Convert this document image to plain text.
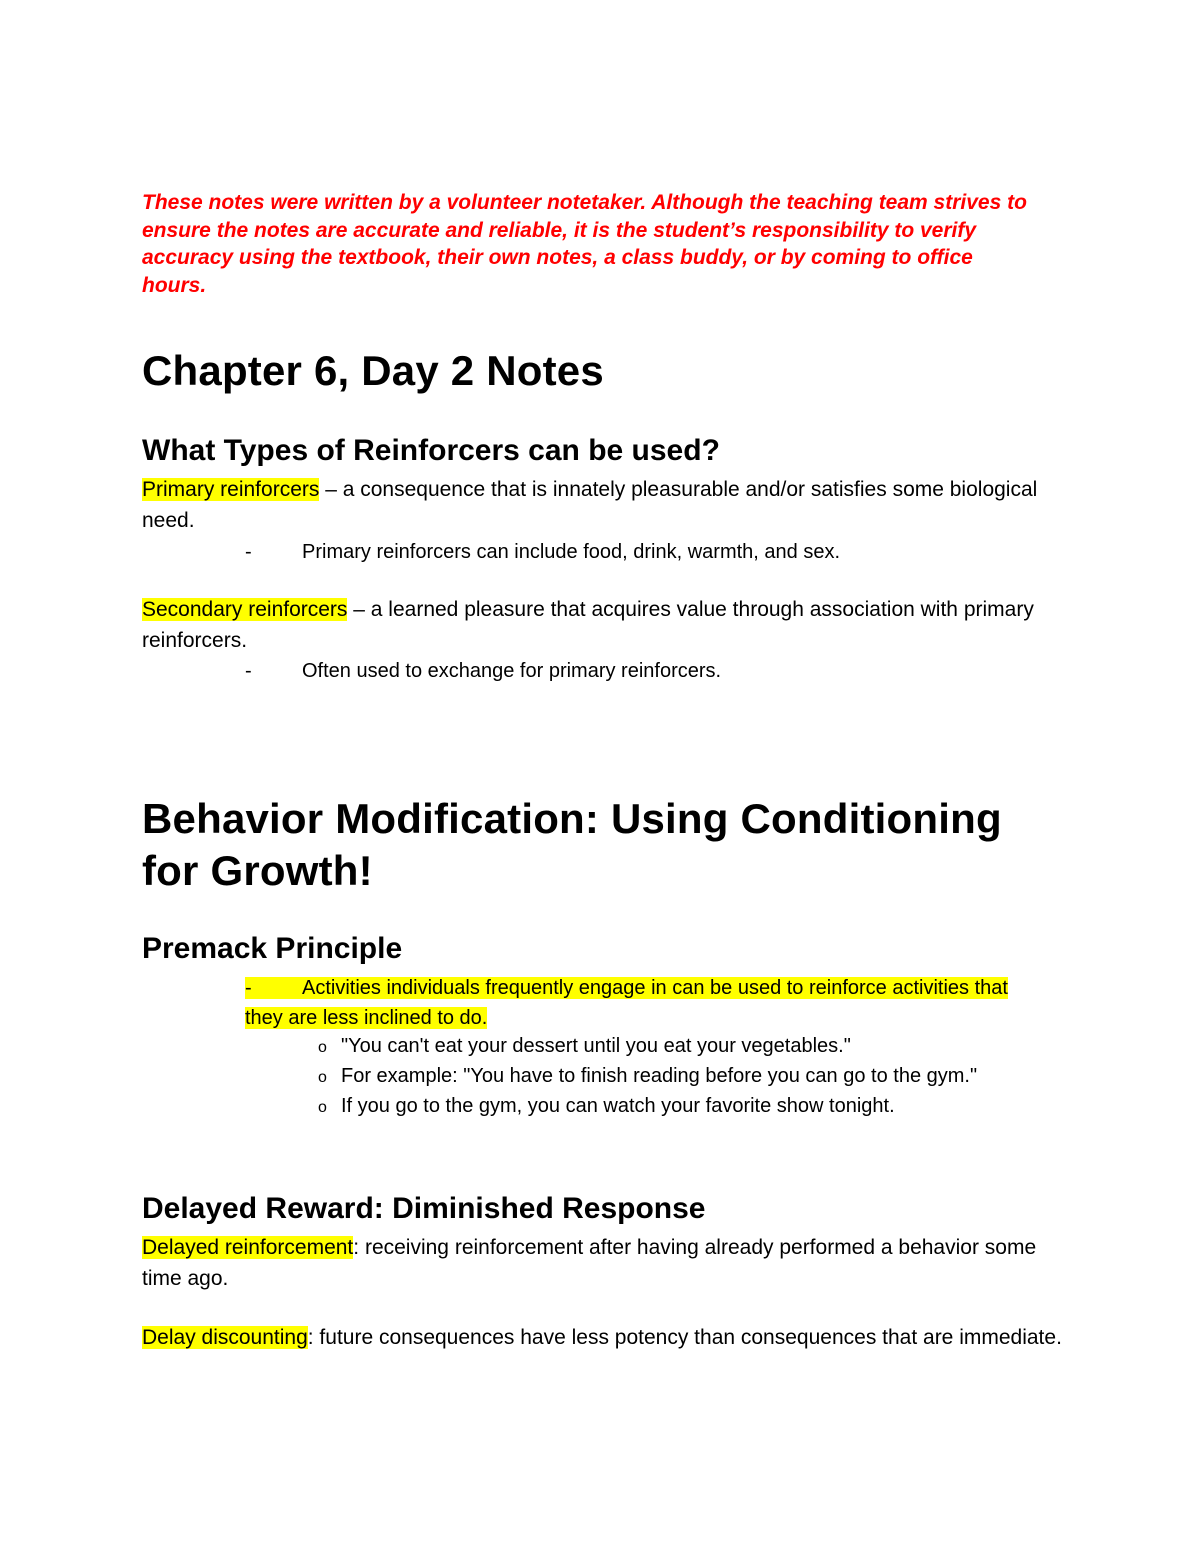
These notes were written by a volunteer notetaker. Although the teaching team strives to ensure the notes are accurate and reliable, it is the student’s responsibility to verify accuracy using the textbook, their own notes, a class buddy, or by coming to office hours.
Chapter 6, Day 2 Notes
What Types of Reinforcers can be used?
Primary reinforcers – a consequence that is innately pleasurable and/or satisfies some biological need.
-	Primary reinforcers can include food, drink, warmth, and sex.
Secondary reinforcers – a learned pleasure that acquires value through association with primary reinforcers.
-	Often used to exchange for primary reinforcers.
Behavior Modification: Using Conditioning for Growth!
Premack Principle
-	Activities individuals frequently engage in can be used to reinforce activities that they are less inclined to do.
o "You can't eat your dessert until you eat your vegetables."
o For example: "You have to finish reading before you can go to the gym."
o If you go to the gym, you can watch your favorite show tonight.
Delayed Reward: Diminished Response
Delayed reinforcement: receiving reinforcement after having already performed a behavior some time ago.
Delay discounting: future consequences have less potency than consequences that are immediate.
